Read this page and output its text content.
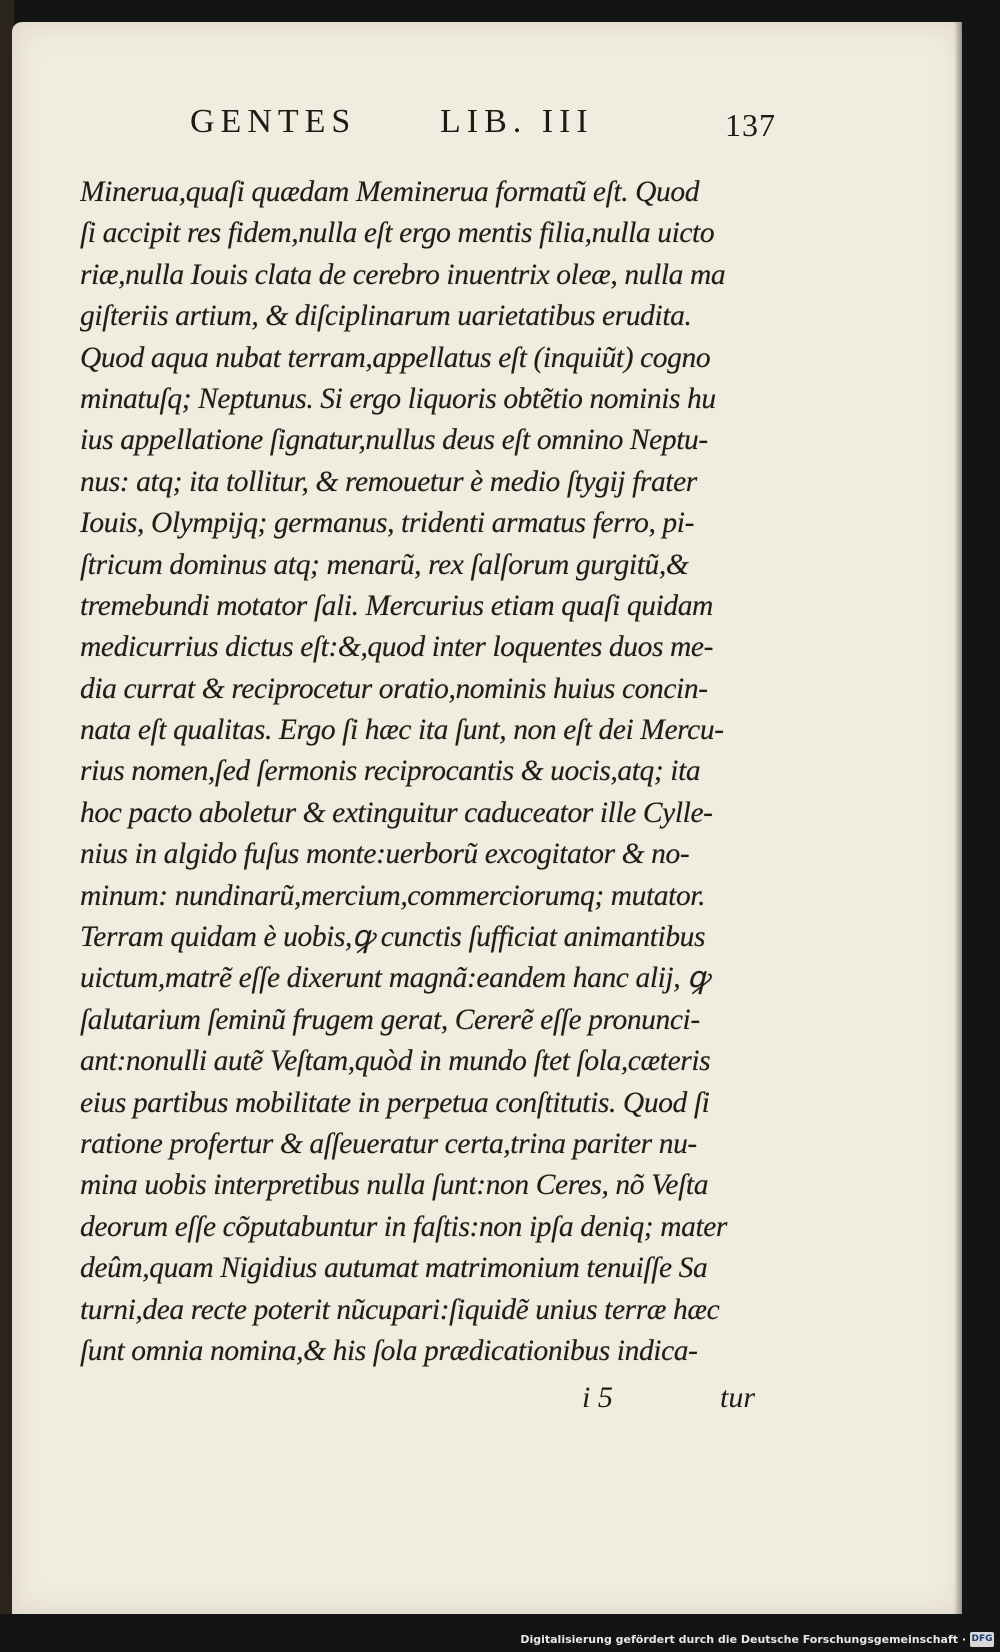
GENTES LIB. III	137
Minerua,quaſi quædam Meminerua formatũ eſt. Quod
ſi accipit res fidem,nulla eſt ergo mentis filia,nulla uicto
riæ,nulla Iouis clata de cerebro inuentrix oleæ, nulla ma
giſteriis artium, & diſciplinarum uarietatibus erudita.
Quod aqua nubat terram,appellatus eſt (inquiũt) cogno
minatuſq; Neptunus. Si ergo liquoris obtẽtio nominis hu
ius appellatione ſignatur,nullus deus eſt omnino Neptu-
nus: atq; ita tollitur, & remouetur è medio ſtygij frater
Iouis, Olympijq; germanus, tridenti armatus ferro, pi-
ſtricum dominus atq; menarũ, rex ſalſorum gurgitũ,&
tremebundi motator ſali. Mercurius etiam quaſi quidam
medicurrius dictus eſt:&,quod inter loquentes duos me-
dia currat & reciprocetur oratio,nominis huius concin-
nata eſt qualitas. Ergo ſi hæc ita ſunt, non eſt dei Mercu-
rius nomen,ſed ſermonis reciprocantis & uocis,atq; ita
hoc pacto aboletur & extinguitur caduceator ille Cylle-
nius in algido fuſus monte:uerborũ excogitator & no-
minum: nundinarũ,mercium,commerciorumq; mutator.
Terram quidam è uobis,ꝙ cunctis ſufficiat animantibus
uictum,matrẽ eſſe dixerunt magnã:eandem hanc alij, ꝙ
ſalutarium ſeminũ frugem gerat, Cererẽ eſſe pronunci-
ant:nonulli autẽ Veſtam,quòd in mundo ſtet ſola,cæteris
eius partibus mobilitate in perpetua conſtitutis. Quod ſi
ratione profertur & aſſeueratur certa,trina pariter nu-
mina uobis interpretibus nulla ſunt:non Ceres, nõ Veſta
deorum eſſe cõputabuntur in faſtis:non ipſa deniq; mater
deûm,quam Nigidius autumat matrimonium tenuiſſe Sa
turni,dea recte poterit nũcupari:ſiquidẽ unius terræ hæc
ſunt omnia nomina,& his ſola prædicationibus indica-
i 5	tur
Digitalisierung gefördert durch die Deutsche Forschungsgemeinschaft · DFG
